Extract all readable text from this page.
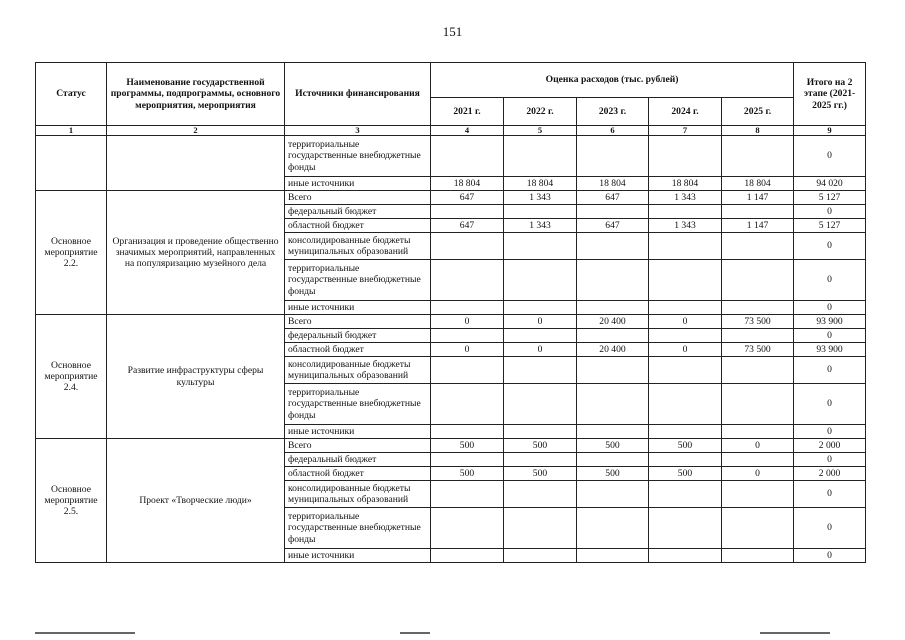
151
Статус	Наименование государственной программы, подпрограммы, основного мероприятия, мероприятия	Источники финансирования	Оценка расходов (тыс. рублей)					Итого на 2 этапе (2021-2025 гг.)
			2021 г.	2022 г.	2023 г.	2024 г.	2025 г.	
1	2	3	4	5	6	7	8	9
		территориальные государственные внебюджетные фонды						0
		иные источники	18 804	18 804	18 804	18 804	18 804	94 020
Основное мероприятие 2.2.	Организация и проведение общественно значимых мероприятий, направленных на популяризацию музейного дела	Всего	647	1 343	647	1 343	1 147	5 127
		федеральный бюджет						0
		областной бюджет	647	1 343	647	1 343	1 147	5 127
		консолидированные бюджеты муниципальных образований						0
		территориальные государственные внебюджетные фонды						0
		иные источники						0
Основное мероприятие 2.4.	Развитие инфраструктуры сферы культуры	Всего	0	0	20 400	0	73 500	93 900
		федеральный бюджет						0
		областной бюджет	0	0	20 400	0	73 500	93 900
		консолидированные бюджеты муниципальных образований						0
		территориальные государственные внебюджетные фонды						0
		иные источники						0
Основное мероприятие 2.5.	Проект «Творческие люди»	Всего	500	500	500	500	0	2 000
		федеральный бюджет						0
		областной бюджет	500	500	500	500	0	2 000
		консолидированные бюджеты муниципальных образований						0
		территориальные государственные внебюджетные фонды						0
		иные источники						0
